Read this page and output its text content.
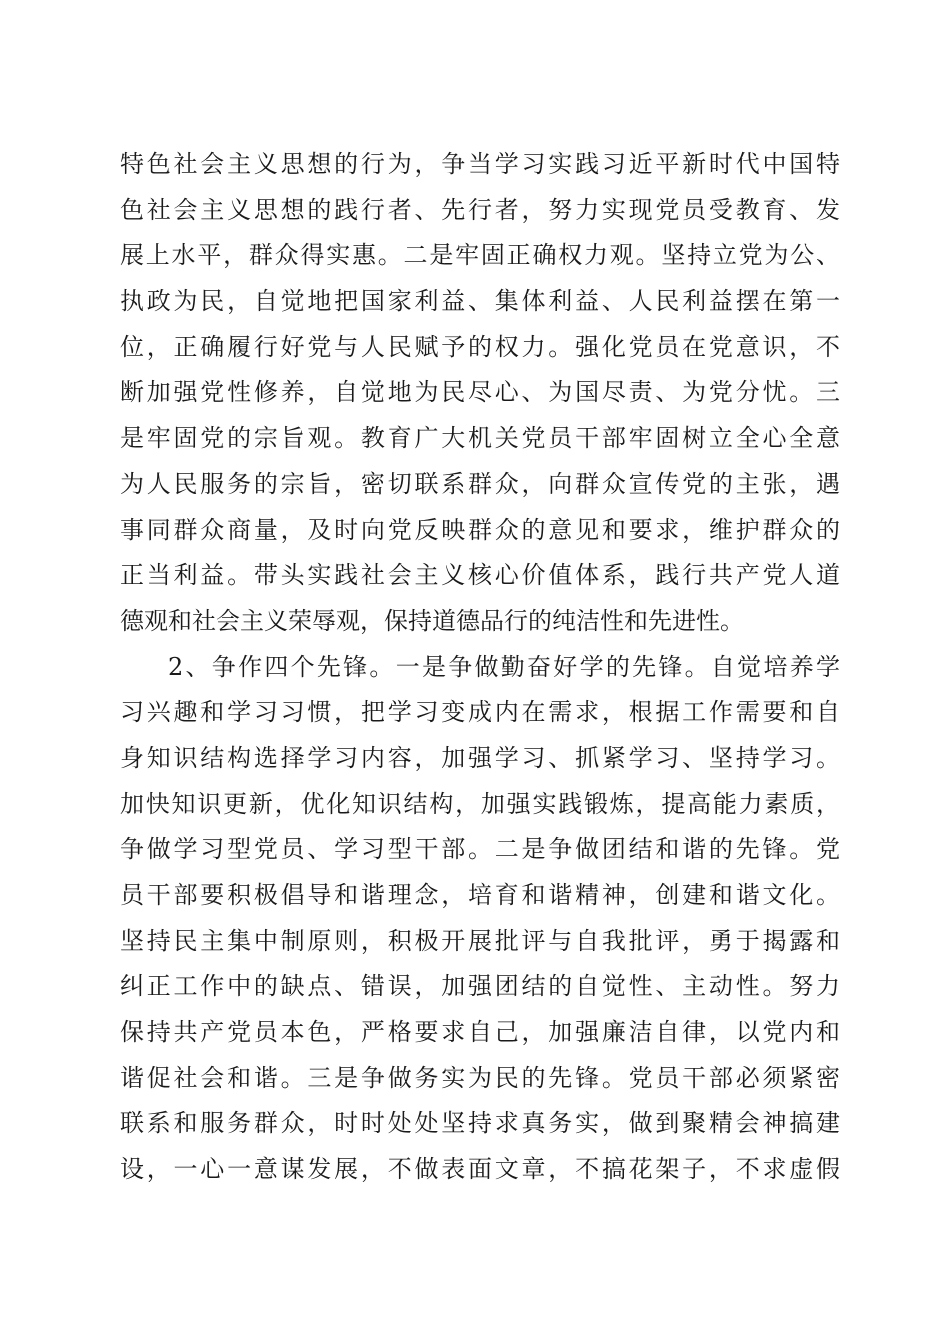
特色社会主义思想的行为，争当学习实践习近平新时代中国特
色社会主义思想的践行者、先行者，努力实现党员受教育、发
展上水平，群众得实惠。二是牢固正确权力观。坚持立党为公、
执政为民，自觉地把国家利益、集体利益、人民利益摆在第一
位，正确履行好党与人民赋予的权力。强化党员在党意识，不
断加强党性修养，自觉地为民尽心、为国尽责、为党分忧。三
是牢固党的宗旨观。教育广大机关党员干部牢固树立全心全意
为人民服务的宗旨，密切联系群众，向群众宣传党的主张，遇
事同群众商量，及时向党反映群众的意见和要求，维护群众的
正当利益。带头实践社会主义核心价值体系，践行共产党人道
德观和社会主义荣辱观，保持道德品行的纯洁性和先进性。
2、争作四个先锋。一是争做勤奋好学的先锋。自觉培养学
习兴趣和学习习惯，把学习变成内在需求，根据工作需要和自
身知识结构选择学习内容，加强学习、抓紧学习、坚持学习。
加快知识更新，优化知识结构，加强实践锻炼，提高能力素质，
争做学习型党员、学习型干部。二是争做团结和谐的先锋。党
员干部要积极倡导和谐理念，培育和谐精神，创建和谐文化。
坚持民主集中制原则，积极开展批评与自我批评，勇于揭露和
纠正工作中的缺点、错误，加强团结的自觉性、主动性。努力
保持共产党员本色，严格要求自己，加强廉洁自律，以党内和
谐促社会和谐。三是争做务实为民的先锋。党员干部必须紧密
联系和服务群众，时时处处坚持求真务实，做到聚精会神搞建
设，一心一意谋发展，不做表面文章，不搞花架子，不求虚假
